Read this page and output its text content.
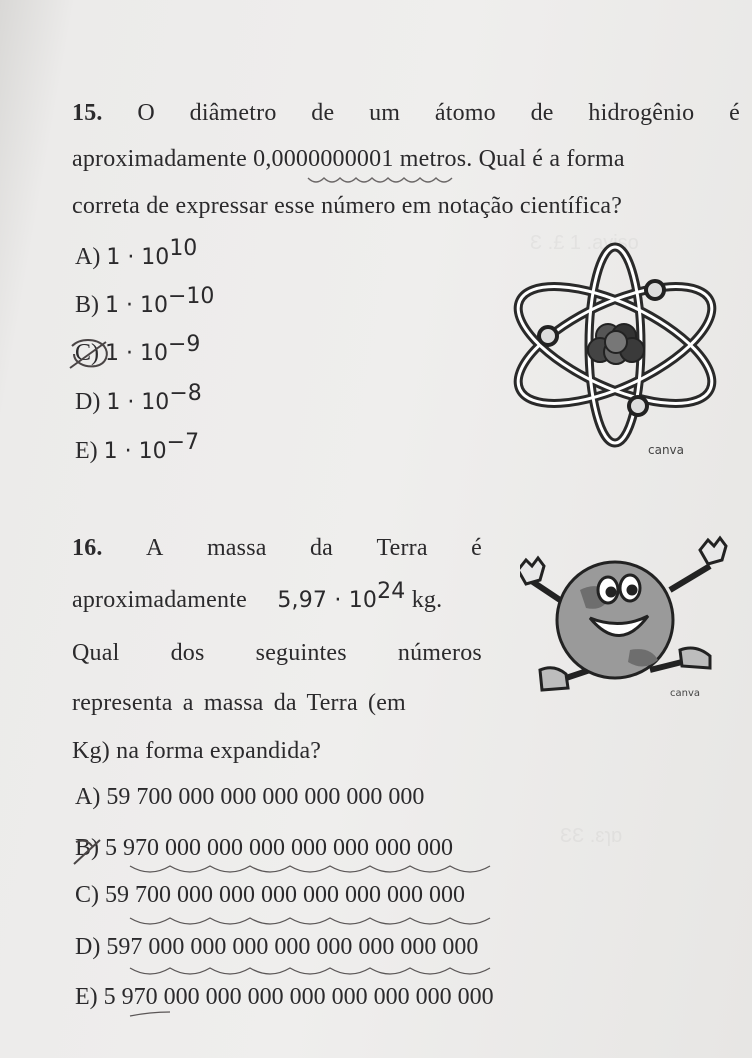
Ɛ .£ 1 .aviso
ƐƐ .ɛɿɒ
15. O diâmetro de um átomo de hidrogênio é
aproximadamente 0,0000000001 metros. Qual é a forma
correta de expressar esse número em notação científica?
A) $1 \cdot 10^{10}$
B) $1 \cdot 10^{-10}$
C) $1 \cdot 10^{-9}$
D) $1 \cdot 10^{-8}$
E) $1 \cdot 10^{-7}$	canva
16. A massa da Terra é
aproximadamente $5,97 \cdot 10^{24}$ kg.
Qual dos seguintes números
representa a massa da Terra (em
Kg) na forma expandida?
canva
A) 59 700 000 000 000 000 000 000
B) 5 970 000 000 000 000 000 000 000
C) 59 700 000 000 000 000 000 000 000
D) 597 000 000 000 000 000 000 000 000
E) 5 970 000 000 000 000 000 000 000 000
